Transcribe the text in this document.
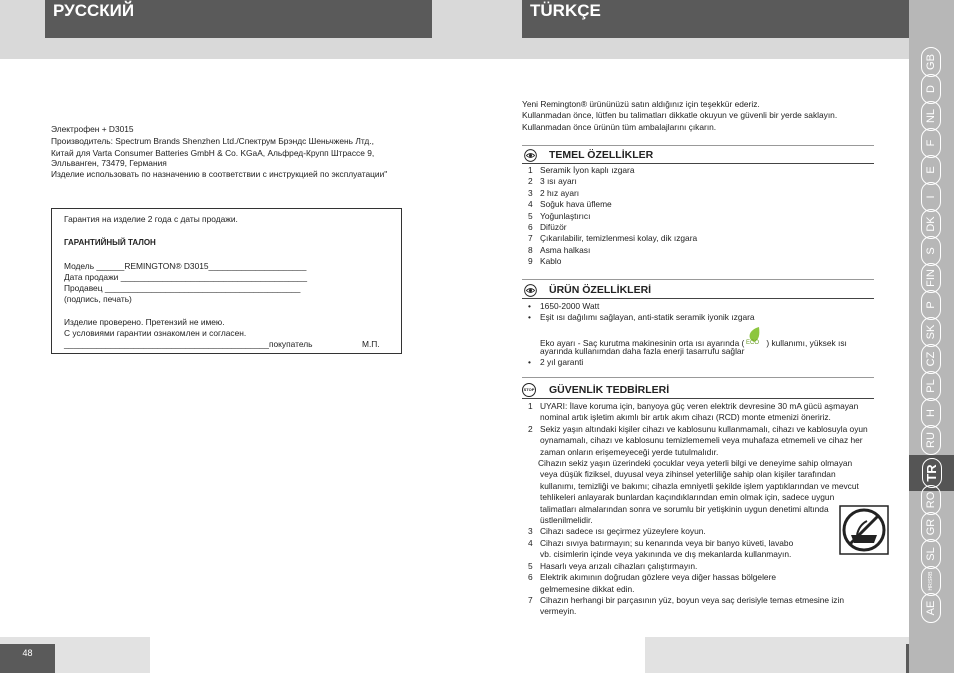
РУССКИЙ
Электрофен + D3015
Производитель: Spectrum Brands Shenzhen Ltd./Спектрум Брэндс Шеньчжень Лтд.,
Китай для Varta Consumer Batteries GmbH & Co. KGaA, Альфред-Крупп Штрассе 9,
Элльванген, 73479, Германия
Изделие использовать по назначению в соответствии с инструкцией по эксплуатации"
Гарантия на изделие 2 года с даты продажи.
ГАРАНТИЙНЫЙ ТАЛОН
Модель ______REMINGTON® D3015_____________________
Дата продажи ________________________________________
Продавец __________________________________________
(подпись, печать)
Изделие проверено. Претензий не имею.
С условиями гарантии ознакомлен и согласен.
____________________________________________покупатель	М.П.
48
TÜRKÇE
Yeni Remington® ürününüzü satın aldığınız için teşekkür ederiz.
Kullanmadan önce, lütfen bu talimatları dikkatle okuyun ve güvenli bir yerde saklayın.
Kullanmadan önce ürünün tüm ambalajlarını çıkarın.
TEMEL ÖZELLİKLER
1 Seramik İyon kaplı ızgara
2 3 ısı ayarı
3 2 hız ayarı
4 Soğuk hava üfleme
5 Yoğunlaştırıcı
6 Difüzör
7 Çıkarılabilir, temizlenmesi kolay, dik ızgara
8 Asma halkası
9 Kablo
ÜRÜN ÖZELLİKLERİ
• 1650-2000 Watt
• Eşit ısı dağılımı sağlayan, anti-statik seramik iyonik ızgara
Eko ayarı - Saç kurutma makinesinin orta ısı ayarında ( ECO ) kullanımı, yüksek ısı
ayarında kullanımdan daha fazla enerji tasarrufu sağlar
• 2 yıl garanti
STOP GÜVENLİK TEDBİRLERİ
1 UYARI: İlave koruma için, banyoya güç veren elektrik devresine 30 mA gücü aşmayan
nominal artık işletim akımlı bir artık akım cihazı (RCD) monte etmenizi öneririz.
2 Sekiz yaşın altındaki kişiler cihazı ve kablosunu kullanmamalı, cihazı ve kablosuyla oyun
oynamamalı, cihazı ve kablosunu temizlememeli veya muhafaza etmemeli ve cihaz her
zaman onların erişemeyeceği yerde tutulmalıdır.
Cihazın sekiz yaşın üzerindeki çocuklar veya yeterli bilgi ve deneyime sahip olmayan
veya düşük fiziksel, duyusal veya zihinsel yeterliliğe sahip olan kişiler tarafından
kullanımı, temizliği ve bakımı; cihazla emniyetli şekilde işlem yaptıklarından ve mevcut
tehlikeleri anlayarak bunlardan kaçındıklarından emin olmak için, sadece uygun
talimatları almalarından sonra ve sorumlu bir yetişkinin uygun denetimi altında
üstlenilmelidir.
3 Cihazı sadece ısı geçirmez yüzeylere koyun.
4 Cihazı sıvıya batırmayın; su kenarında veya bir banyo küveti, lavabo
vb. cisimlerin içinde veya yakınında ve dış mekanlarda kullanmayın.
5 Hasarlı veya arızalı cihazları çalıştırmayın.
6 Elektrik akımının doğrudan gözlere veya diğer hassas bölgelere
gelmemesine dikkat edin.
7 Cihazın herhangi bir parçasının yüz, boyun veya saç derisiyle temas etmesine izin
vermeyin.
GB
D
NL
F
E
I
DK
S
FIN
P
SK
CZ
PL
H
RU
TR
RO
GR
SL
HR/SRB
AE
